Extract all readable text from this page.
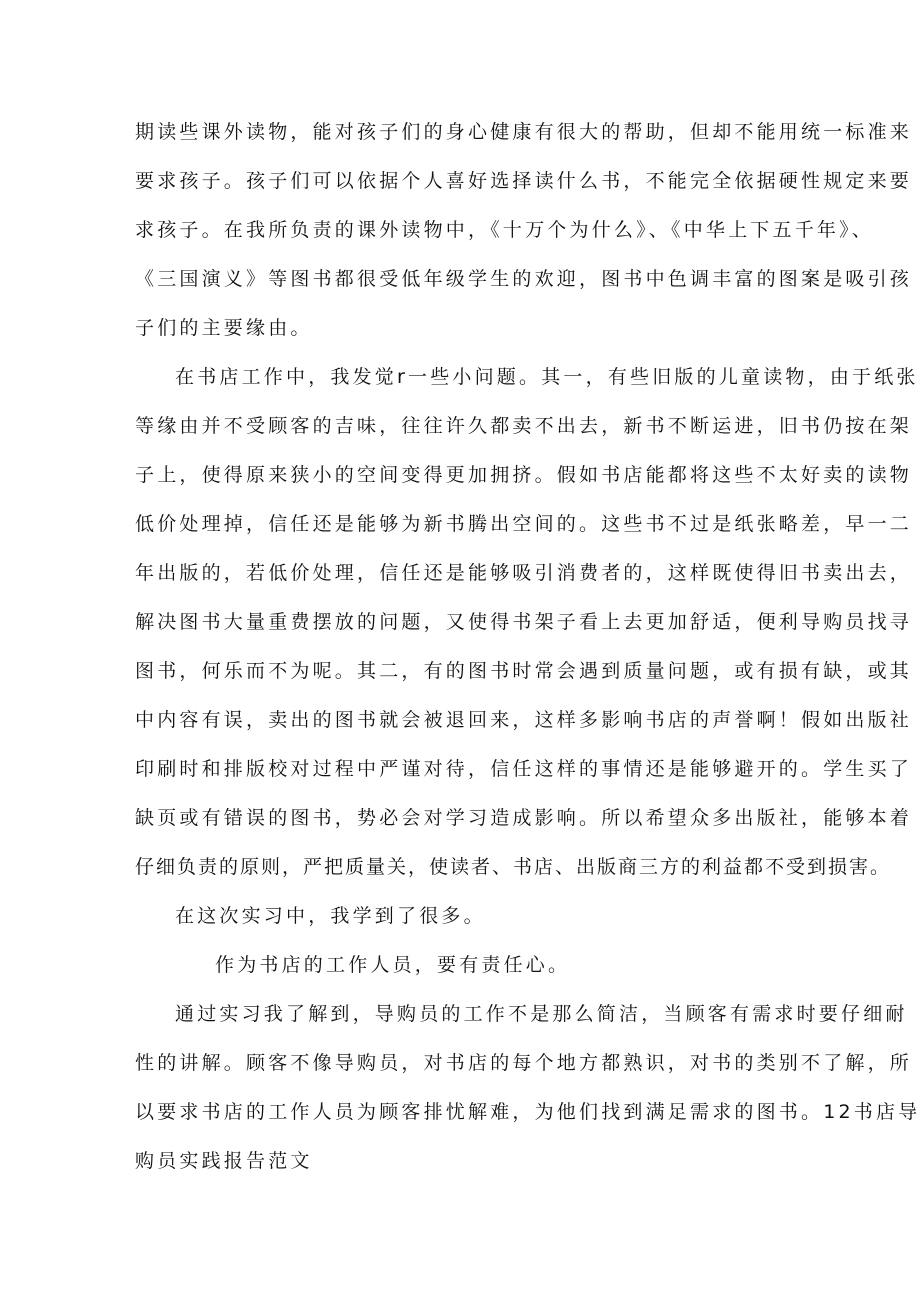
期读些课外读物，能对孩子们的身心健康有很大的帮助，但却不能用统一标准来
要求孩子。孩子们可以依据个人喜好选择读什么书，不能完全依据硬性规定来要
求孩子。在我所负责的课外读物中，《十万个为什么》、《中华上下五千年》、
《三国演义》等图书都很受低年级学生的欢迎，图书中色调丰富的图案是吸引孩
子们的主要缘由。
在书店工作中，我发觉r一些小问题。其一，有些旧版的儿童读物，由于纸张
等缘由并不受顾客的吉味，往往许久都卖不出去，新书不断运进，旧书仍按在架
子上，使得原来狭小的空间变得更加拥挤。假如书店能都将这些不太好卖的读物
低价处理掉，信任还是能够为新书腾出空间的。这些书不过是纸张略差，早一二
年出版的，若低价处理，信任还是能够吸引消费者的，这样既使得旧书卖出去，
解决图书大量重费摆放的问题，又使得书架子看上去更加舒适，便利导购员找寻
图书，何乐而不为呢。其二，有的图书时常会遇到质量问题，或有损有缺，或其
中内容有误，卖出的图书就会被退回来，这样多影响书店的声誉啊！假如出版社
印刷时和排版校对过程中严谨对待，信任这样的事情还是能够避开的。学生买了
缺页或有错误的图书，势必会对学习造成影响。所以希望众多出版社，能够本着
仔细负责的原则，严把质量关，使读者、书店、出版商三方的利益都不受到损害。
在这次实习中，我学到了很多。
作为书店的工作人员，要有责任心。
通过实习我了解到，导购员的工作不是那么简洁，当顾客有需求时要仔细耐
性的讲解。顾客不像导购员，对书店的每个地方都熟识，对书的类别不了解，所
以要求书店的工作人员为顾客排忧解难，为他们找到满足需求的图书。12书店导
购员实践报告范文
